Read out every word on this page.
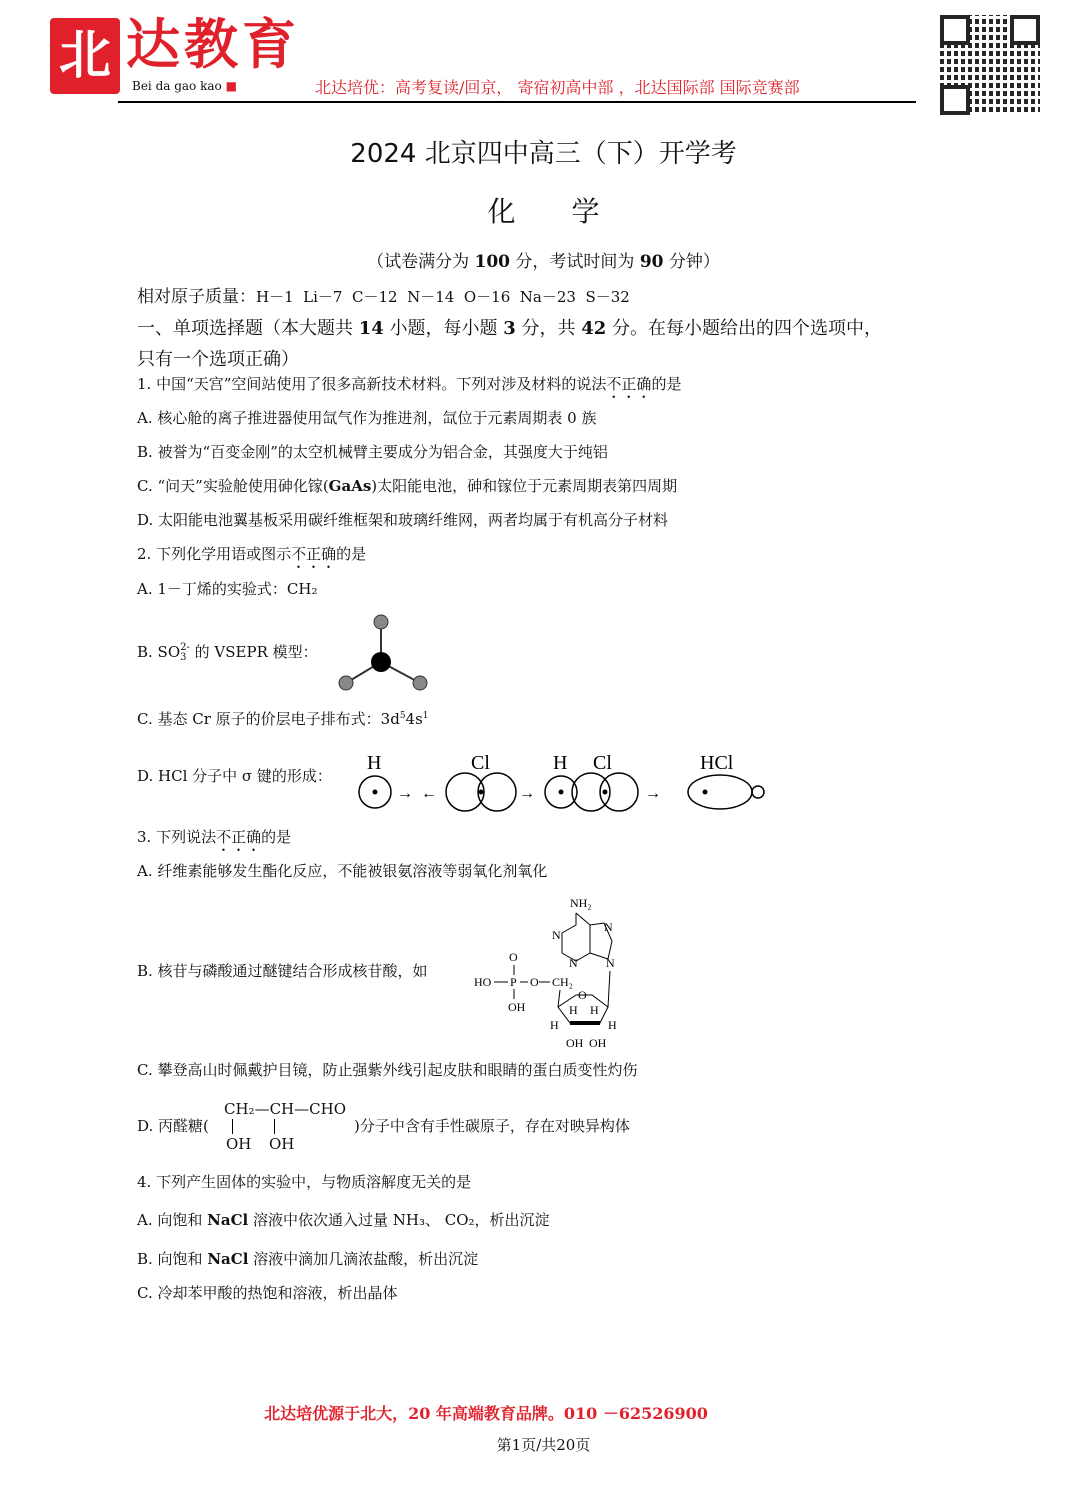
北 达教育
Bei da gao kao ■	北达培优：高考复读/回京， 寄宿初高中部 ，北达国际部 国际竞赛部
2024 北京四中高三（下）开学考
化　　学
（试卷满分为 100 分，考试时间为 90 分钟）
相对原子质量：H－1  Li－7  C－12  N－14  O－16  Na－23  S－32
一、单项选择题（本大题共 14 小题，每小题 3 分，共 42 分。在每小题给出的四个选项中，
只有一个选项正确）
1. 中国“天宫”空间站使用了很多高新技术材料。下列对涉及材料的说法不正确的是
A. 核心舱的离子推进器使用氙气作为推进剂，氙位于元素周期表 0 族
B. 被誉为“百变金刚”的太空机械臂主要成分为铝合金，其强度大于纯铝
C. “问天”实验舱使用砷化镓(GaAs)太阳能电池，砷和镓位于元素周期表第四周期
D. 太阳能电池翼基板采用碳纤维框架和玻璃纤维网，两者均属于有机高分子材料
2. 下列化学用语或图示不正确的是
A. 1－丁烯的实验式：CH₂
B. SO2-
3 的 VSEPR 模型：
C. 基态 Cr 原子的价层电子排布式：$3d^54s^1$
D. HCl 分子中 σ 键的形成：
H
→ ←
Cl
→
H Cl
→
HCl
3. 下列说法不正确的是
A. 纤维素能够发生酯化反应，不能被银氨溶液等弱氧化剂氧化
B. 核苷与磷酸通过醚键结合形成核苷酸，如
NH₂
N
N
N N
O
HO P O CH₂
OH
O
H H
H	H
OH OH
C. 攀登高山时佩戴护目镜，防止强紫外线引起皮肤和眼睛的蛋白质变性灼伤
D. 丙醛糖(
CH₂—CH—CHO
OH OH
)分子中含有手性碳原子，存在对映异构体
4. 下列产生固体的实验中，与物质溶解度无关的是
A. 向饱和 NaCl 溶液中依次通入过量 NH₃、 CO₂，析出沉淀
B. 向饱和 NaCl 溶液中滴加几滴浓盐酸，析出沉淀
C. 冷却苯甲酸的热饱和溶液，析出晶体
北达培优源于北大，20 年高端教育品牌。010 －62526900
第1页/共20页
